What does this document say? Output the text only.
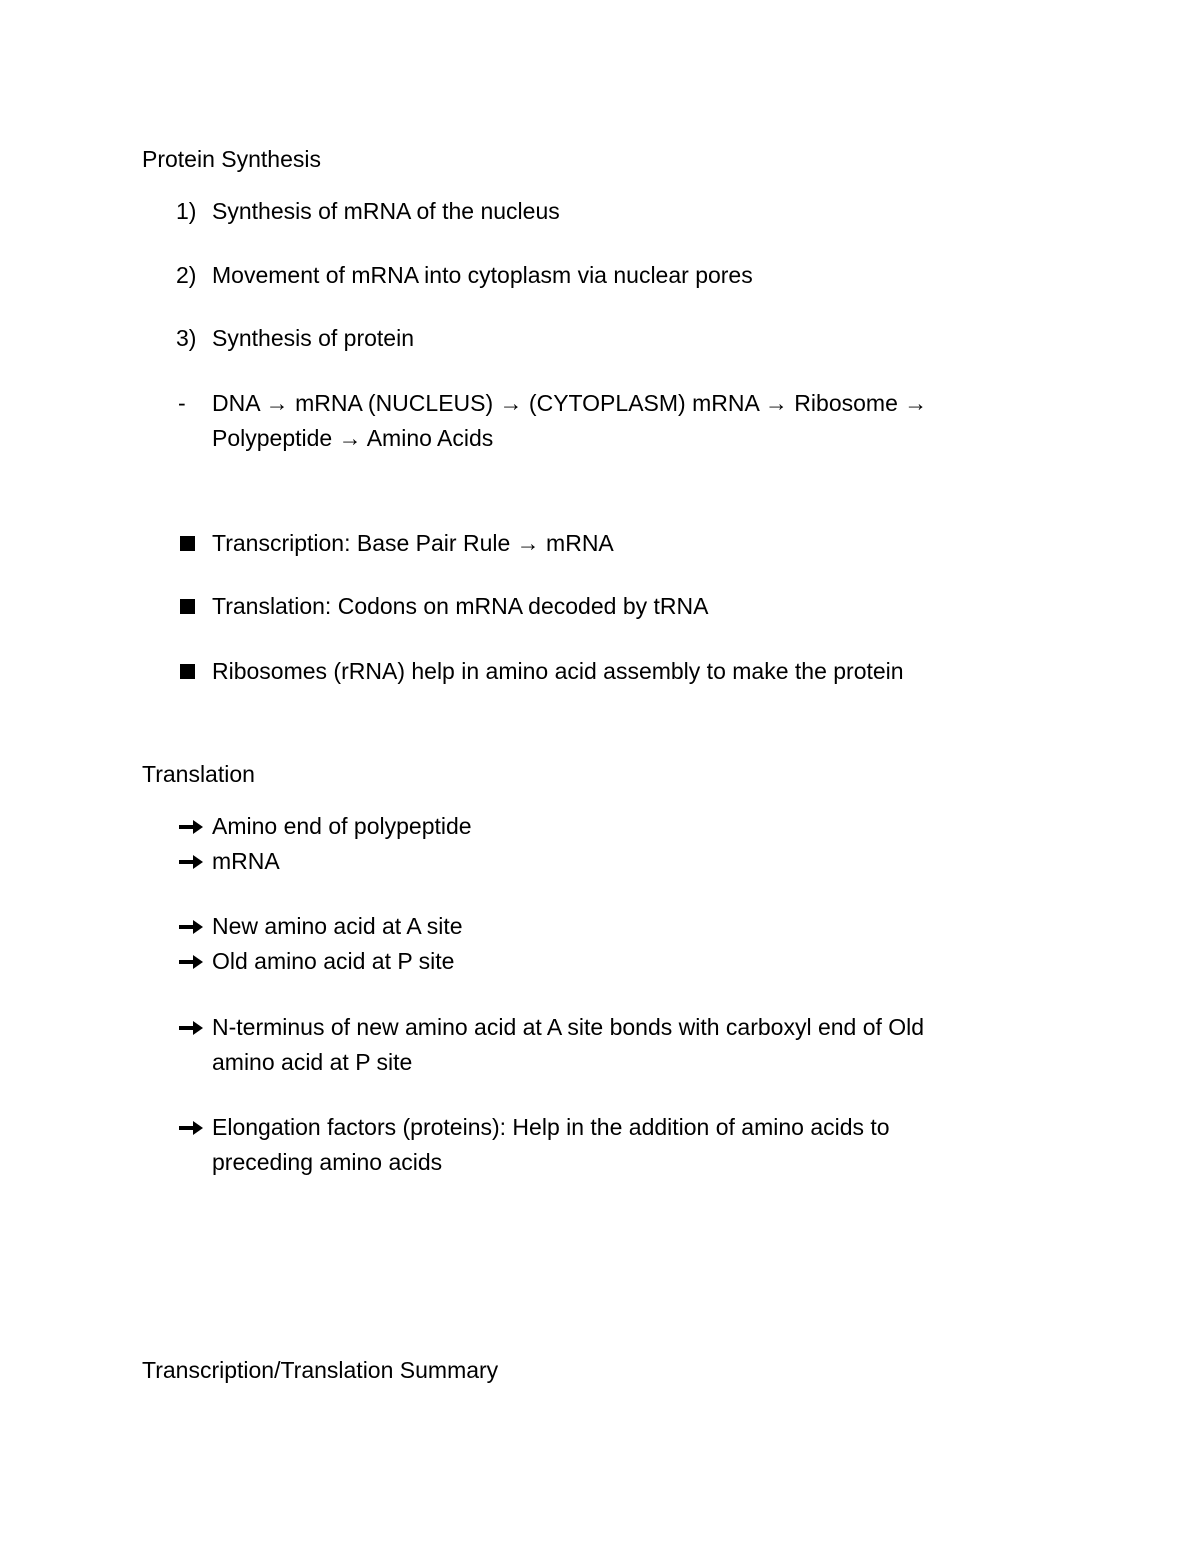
Protein Synthesis
1) Synthesis of mRNA of the nucleus
2) Movement of mRNA into cytoplasm via nuclear pores
3) Synthesis of protein
- DNA → mRNA (NUCLEUS) → (CYTOPLASM) mRNA → Ribosome →
Polypeptide → Amino Acids
Transcription: Base Pair Rule → mRNA
Translation: Codons on mRNA decoded by tRNA
Ribosomes (rRNA) help in amino acid assembly to make the protein
Translation
Amino end of polypeptide
mRNA
New amino acid at A site
Old amino acid at P site
N-terminus of new amino acid at A site bonds with carboxyl end of Old
amino acid at P site
Elongation factors (proteins): Help in the addition of amino acids to
preceding amino acids
Transcription/Translation Summary
